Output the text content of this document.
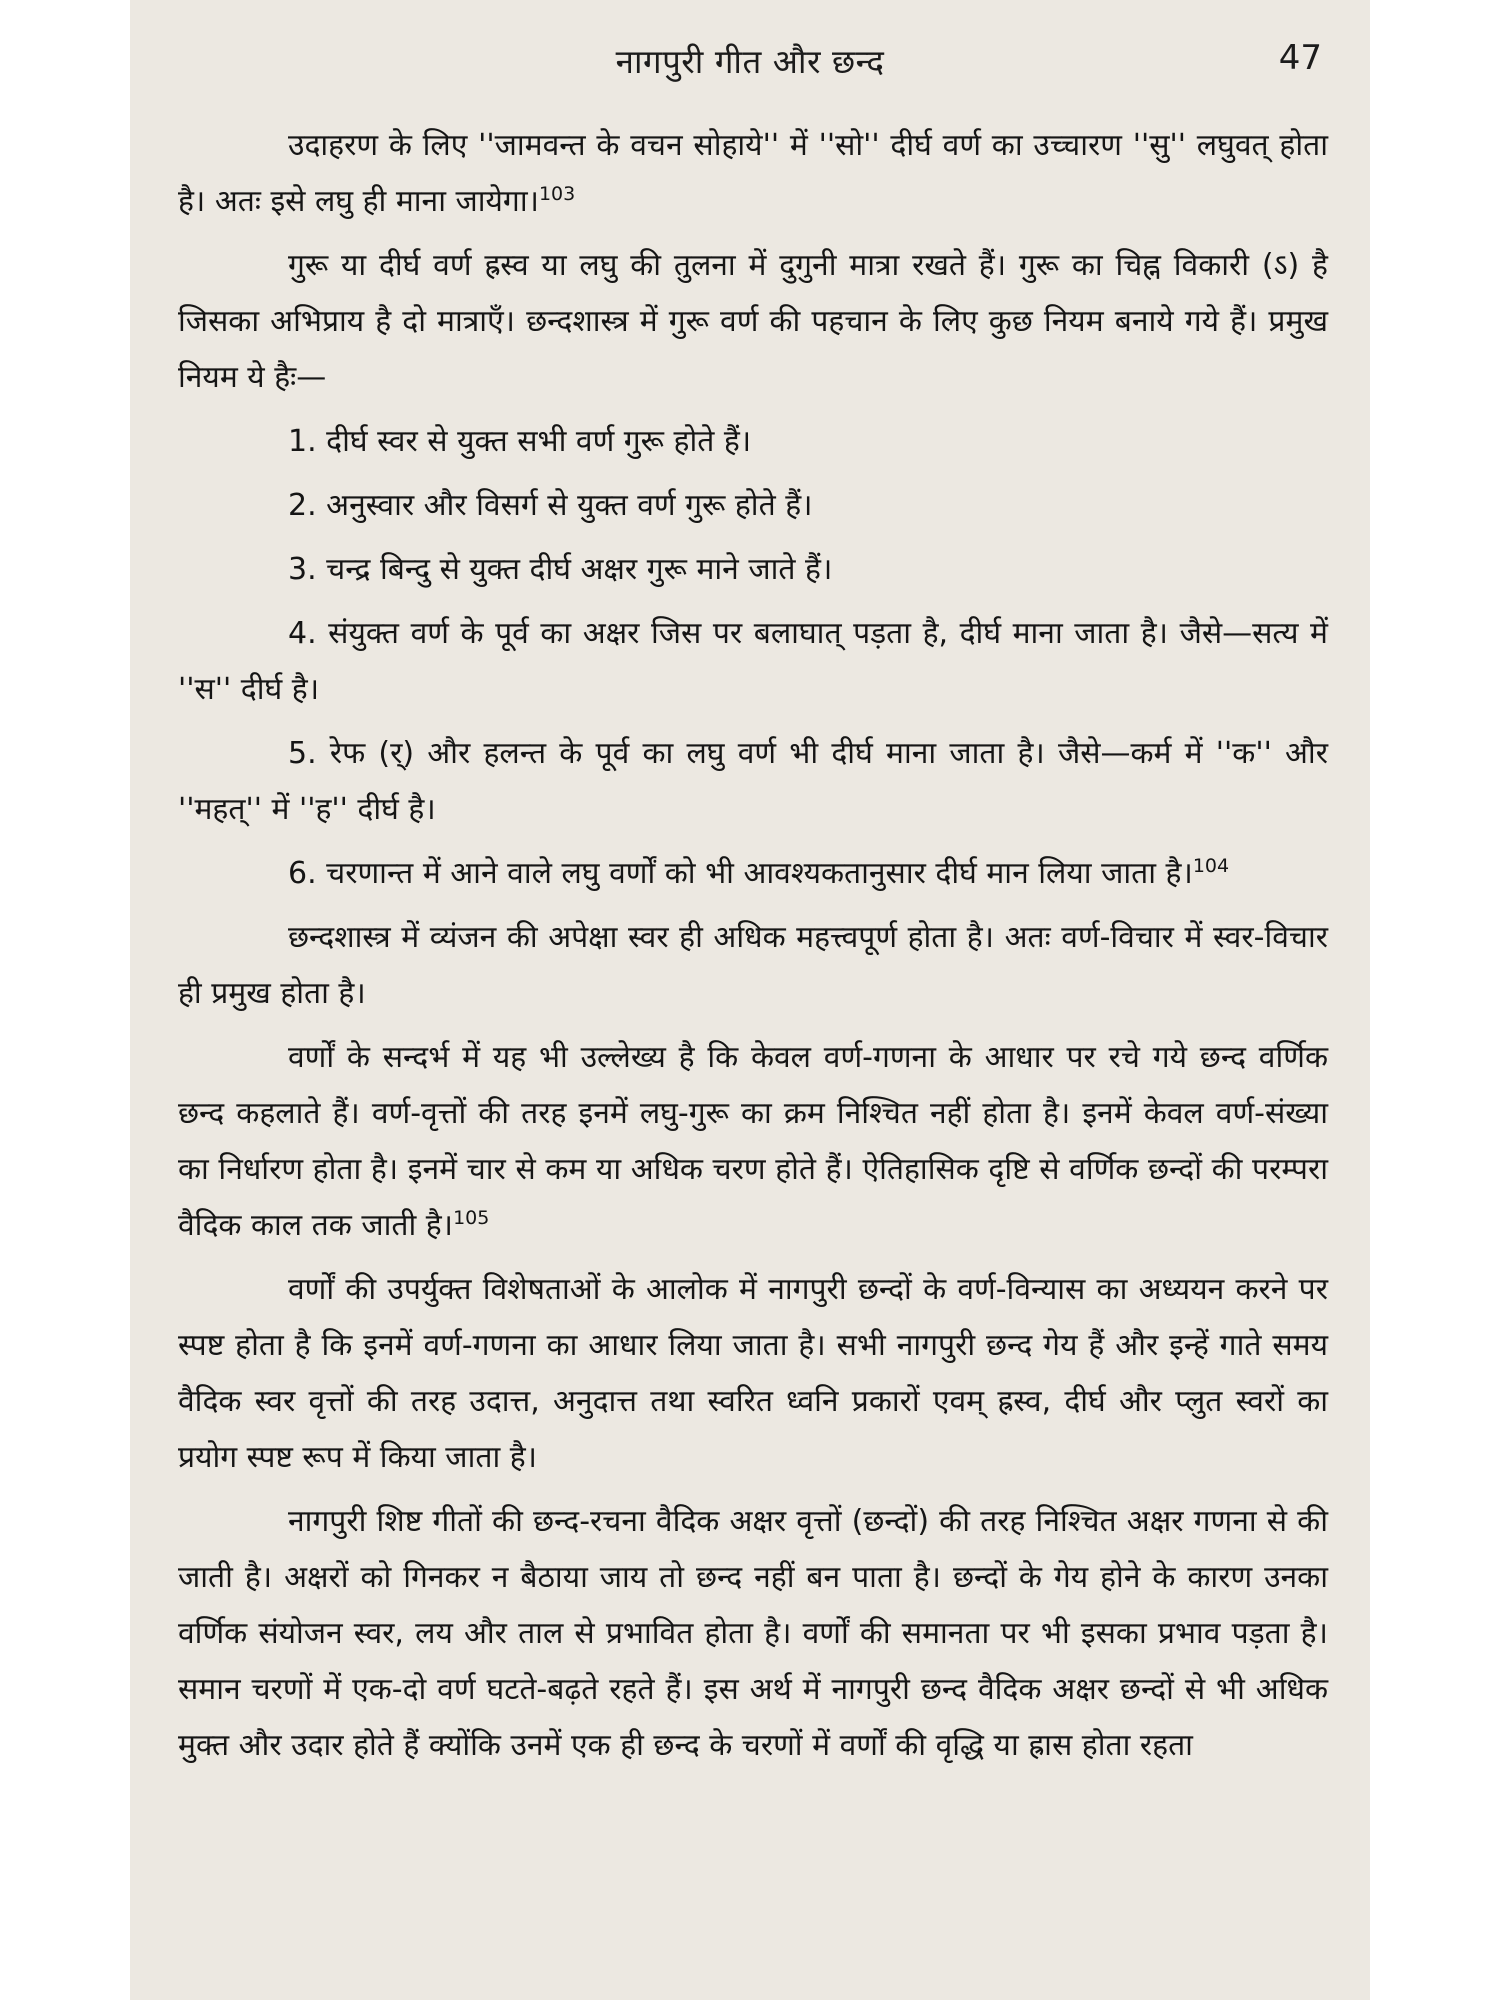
नागपुरी गीत और छन्द	47

उदाहरण के लिए ''जामवन्त के वचन सोहाये'' में ''सो'' दीर्घ वर्ण का उच्चारण ''सु'' लघुवत् होता है। अतः इसे लघु ही माना जायेगा।$^{103}$

गुरू या दीर्घ वर्ण ह्रस्व या लघु की तुलना में दुगुनी मात्रा रखते हैं। गुरू का चिह्न विकारी (ऽ) है जिसका अभिप्राय है दो मात्राएँ। छन्दशास्त्र में गुरू वर्ण की पहचान के लिए कुछ नियम बनाये गये हैं। प्रमुख नियम ये हैः—

1. दीर्घ स्वर से युक्त सभी वर्ण गुरू होते हैं।

2. अनुस्वार और विसर्ग से युक्त वर्ण गुरू होते हैं।

3. चन्द्र बिन्दु से युक्त दीर्घ अक्षर गुरू माने जाते हैं।

4. संयुक्त वर्ण के पूर्व का अक्षर जिस पर बलाघात् पड़ता है, दीर्घ माना जाता है। जैसे—सत्य में ''स'' दीर्घ है।

5. रेफ (र्) और हलन्त के पूर्व का लघु वर्ण भी दीर्घ माना जाता है। जैसे—कर्म में ''क'' और ''महत्'' में ''ह'' दीर्घ है।

6. चरणान्त में आने वाले लघु वर्णों को भी आवश्यकतानुसार दीर्घ मान लिया जाता है।$^{104}$

छन्दशास्त्र में व्यंजन की अपेक्षा स्वर ही अधिक महत्त्वपूर्ण होता है। अतः वर्ण-विचार में स्वर-विचार ही प्रमुख होता है।

वर्णों के सन्दर्भ में यह भी उल्लेख्य है कि केवल वर्ण-गणना के आधार पर रचे गये छन्द वर्णिक छन्द कहलाते हैं। वर्ण-वृत्तों की तरह इनमें लघु-गुरू का क्रम निश्चित नहीं होता है। इनमें केवल वर्ण-संख्या का निर्धारण होता है। इनमें चार से कम या अधिक चरण होते हैं। ऐतिहासिक दृष्टि से वर्णिक छन्दों की परम्परा वैदिक काल तक जाती है।$^{105}$

वर्णों की उपर्युक्त विशेषताओं के आलोक में नागपुरी छन्दों के वर्ण-विन्यास का अध्ययन करने पर स्पष्ट होता है कि इनमें वर्ण-गणना का आधार लिया जाता है। सभी नागपुरी छन्द गेय हैं और इन्हें गाते समय वैदिक स्वर वृत्तों की तरह उदात्त, अनुदात्त तथा स्वरित ध्वनि प्रकारों एवम् ह्रस्व, दीर्घ और प्लुत स्वरों का प्रयोग स्पष्ट रूप में किया जाता है।

नागपुरी शिष्ट गीतों की छन्द-रचना वैदिक अक्षर वृत्तों (छन्दों) की तरह निश्चित अक्षर गणना से की जाती है। अक्षरों को गिनकर न बैठाया जाय तो छन्द नहीं बन पाता है। छन्दों के गेय होने के कारण उनका वर्णिक संयोजन स्वर, लय और ताल से प्रभावित होता है। वर्णों की समानता पर भी इसका प्रभाव पड़ता है। समान चरणों में एक-दो वर्ण घटते-बढ़ते रहते हैं। इस अर्थ में नागपुरी छन्द वैदिक अक्षर छन्दों से भी अधिक मुक्त और उदार होते हैं क्योंकि उनमें एक ही छन्द के चरणों में वर्णों की वृद्धि या ह्रास होता रहता
